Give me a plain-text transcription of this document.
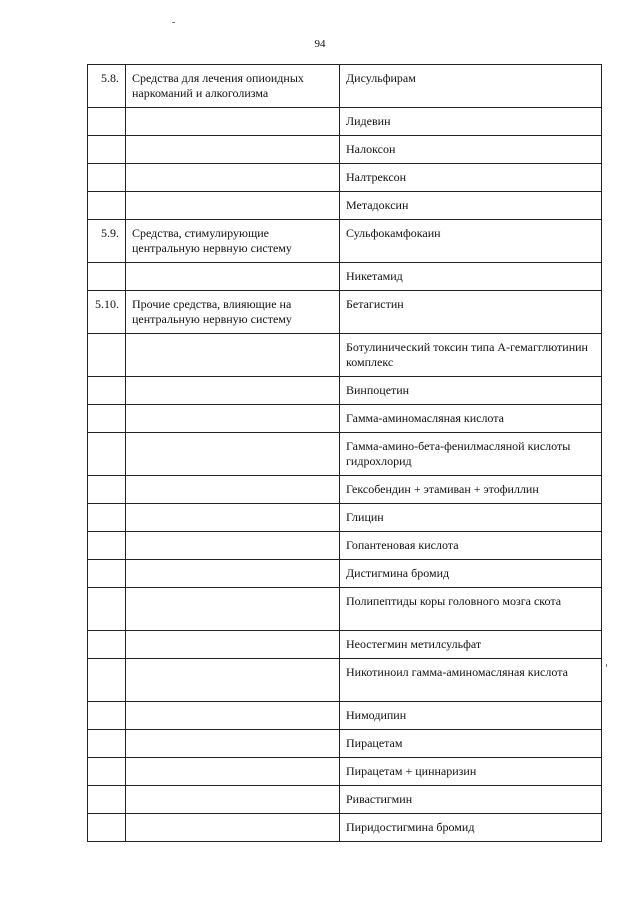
94
5.8.	Средства для лечения опиоидных наркоманий и алкоголизма	Дисульфирам
		Лидевин
		Налоксон
		Налтрексон
		Метадоксин
5.9.	Средства, стимулирующие центральную нервную систему	Сульфокамфокаин
		Никетамид
5.10.	Прочие средства, влияющие на центральную нервную систему	Бетагистин
		Ботулинический токсин типа А-гемагглютинин комплекс
		Винпоцетин
		Гамма-аминомасляная кислота
		Гамма-амино-бета-фенилмасляной кислоты гидрохлорид
		Гексобендин + этамиван + этофиллин
		Глицин
		Гопантеновая кислота
		Дистигмина бромид
		Полипептиды коры головного мозга скота
		Неостегмин метилсульфат
		Никотиноил гамма-аминомасляная кислота
		Нимодипин
		Пирацетам
		Пирацетам + циннаризин
		Ривастигмин
		Пиридостигмина бромид
